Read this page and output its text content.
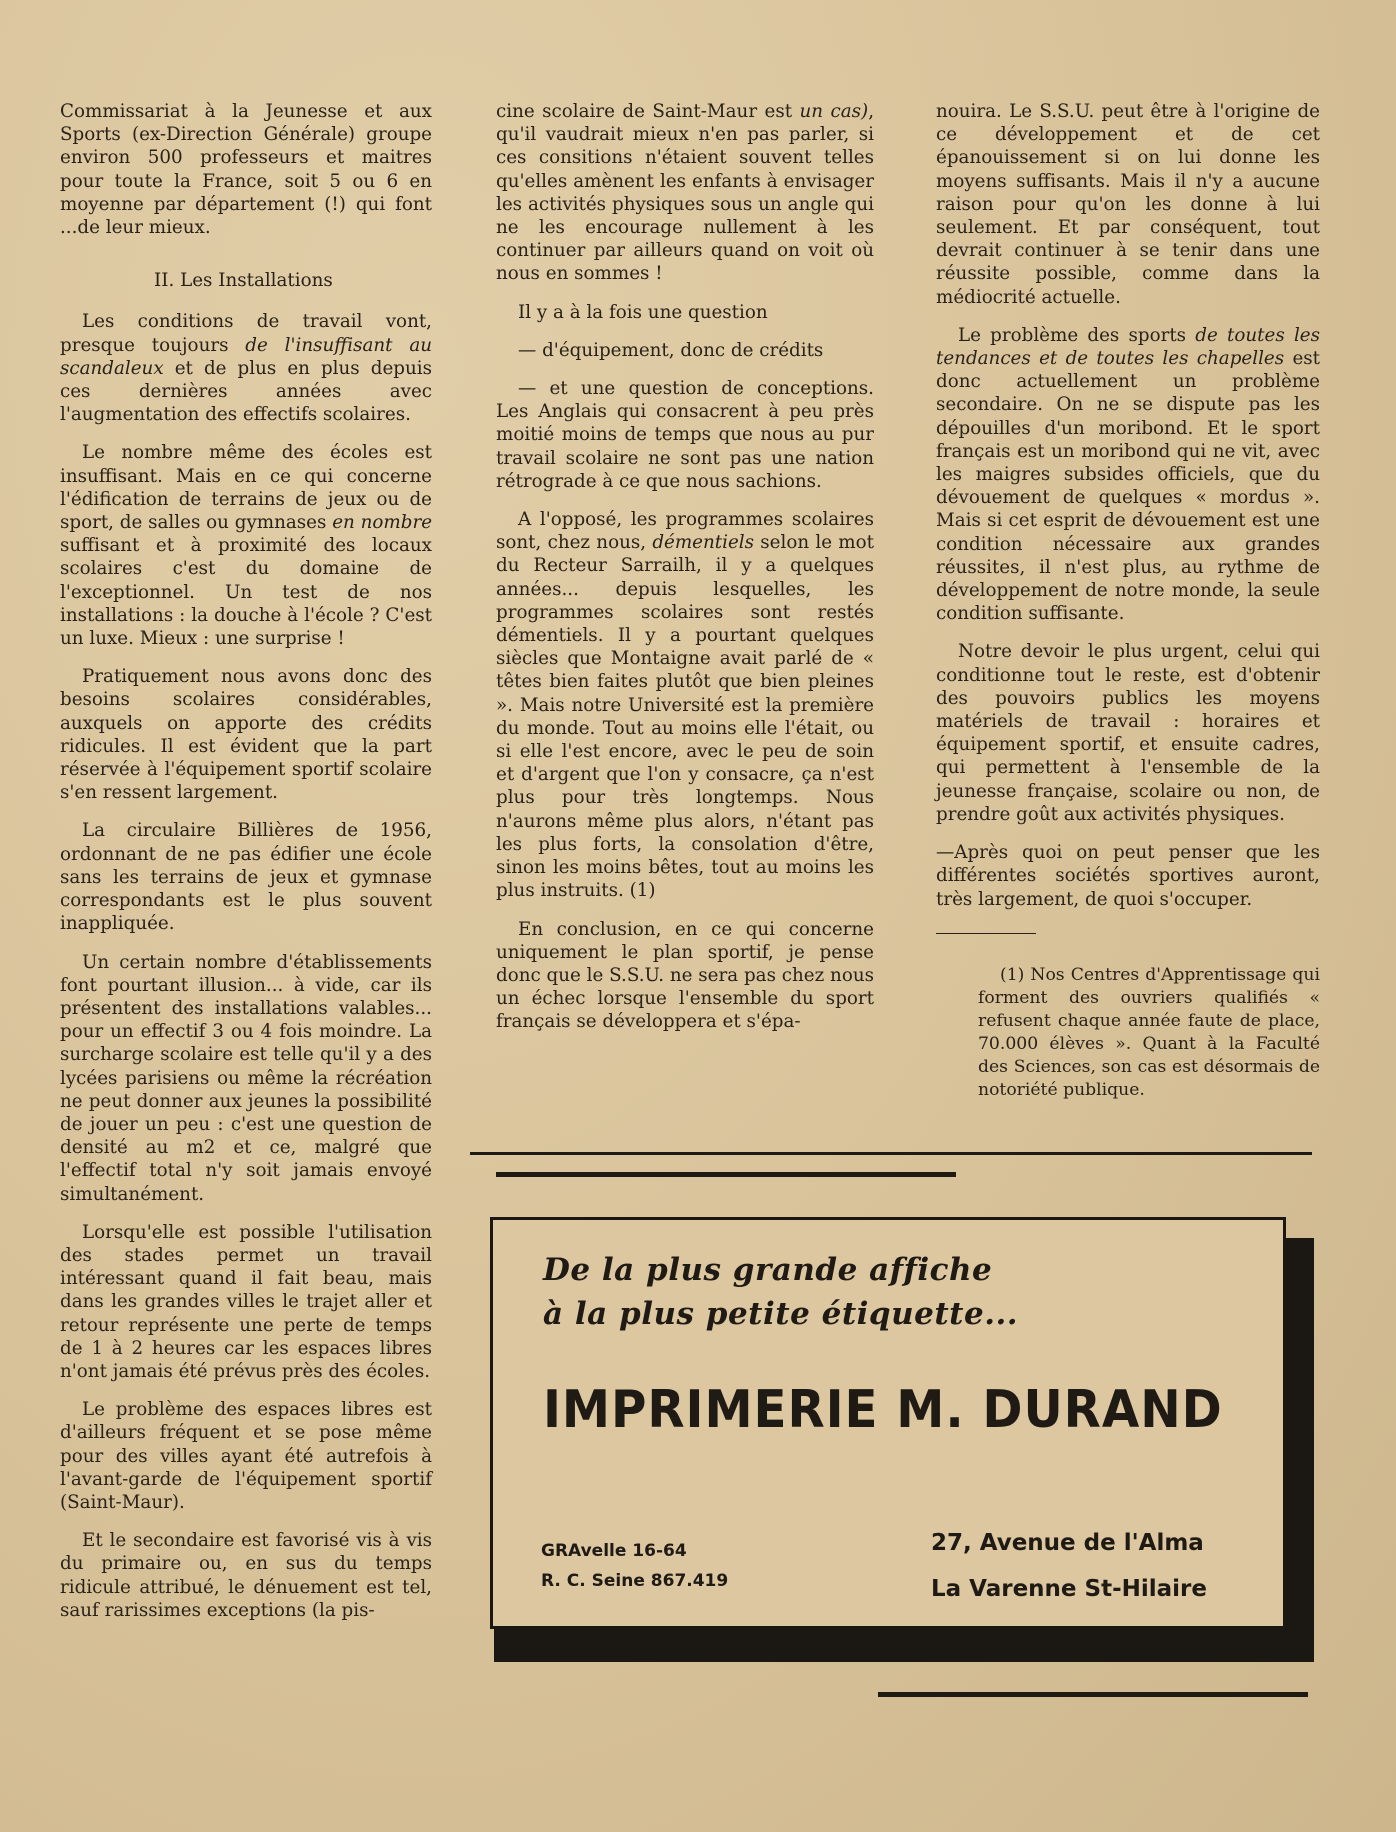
Commissariat à la Jeunesse et aux Sports (ex-Direction Générale) groupe environ 500 professeurs et maitres pour toute la France, soit 5 ou 6 en moyenne par département (!) qui font ...de leur mieux.

II. Les Installations

Les conditions de travail vont, presque toujours de l'insuffisant au scandaleux et de plus en plus depuis ces dernières années avec l'augmentation des effectifs scolaires.

Le nombre même des écoles est insuffisant. Mais en ce qui concerne l'édification de terrains de jeux ou de sport, de salles ou gymnases en nombre suffisant et à proximité des locaux scolaires c'est du domaine de l'exceptionnel. Un test de nos installations : la douche à l'école ? C'est un luxe. Mieux : une surprise !

Pratiquement nous avons donc des besoins scolaires considérables, auxquels on apporte des crédits ridicules. Il est évident que la part réservée à l'équipement sportif scolaire s'en ressent largement.

La circulaire Billières de 1956, ordonnant de ne pas édifier une école sans les terrains de jeux et gymnase correspondants est le plus souvent inappliquée.

Un certain nombre d'établissements font pourtant illusion... à vide, car ils présentent des installations valables... pour un effectif 3 ou 4 fois moindre. La surcharge scolaire est telle qu'il y a des lycées parisiens ou même la récréation ne peut donner aux jeunes la possibilité de jouer un peu : c'est une question de densité au m2 et ce, malgré que l'effectif total n'y soit jamais envoyé simultanément.

Lorsqu'elle est possible l'utilisation des stades permet un travail intéressant quand il fait beau, mais dans les grandes villes le trajet aller et retour représente une perte de temps de 1 à 2 heures car les espaces libres n'ont jamais été prévus près des écoles.

Le problème des espaces libres est d'ailleurs fréquent et se pose même pour des villes ayant été autrefois à l'avant-garde de l'équipement sportif (Saint-Maur).

Et le secondaire est favorisé vis à vis du primaire ou, en sus du temps ridicule attribué, le dénuement est tel, sauf rarissimes exceptions (la pis-

cine scolaire de Saint-Maur est un cas), qu'il vaudrait mieux n'en pas parler, si ces consitions n'étaient souvent telles qu'elles amènent les enfants à envisager les activités physiques sous un angle qui ne les encourage nullement à les continuer par ailleurs quand on voit où nous en sommes !

Il y a à la fois une question

— d'équipement, donc de crédits

— et une question de conceptions. Les Anglais qui consacrent à peu près moitié moins de temps que nous au pur travail scolaire ne sont pas une nation rétrograde à ce que nous sachions.

A l'opposé, les programmes scolaires sont, chez nous, démentiels selon le mot du Recteur Sarrailh, il y a quelques années... depuis lesquelles, les programmes scolaires sont restés démentiels. Il y a pourtant quelques siècles que Montaigne avait parlé de « têtes bien faites plutôt que bien pleines ». Mais notre Université est la première du monde. Tout au moins elle l'était, ou si elle l'est encore, avec le peu de soin et d'argent que l'on y consacre, ça n'est plus pour très longtemps. Nous n'aurons même plus alors, n'étant pas les plus forts, la consolation d'être, sinon les moins bêtes, tout au moins les plus instruits. (1)

En conclusion, en ce qui concerne uniquement le plan sportif, je pense donc que le S.S.U. ne sera pas chez nous un échec lorsque l'ensemble du sport français se développera et s'épa-

nouira. Le S.S.U. peut être à l'origine de ce développement et de cet épanouissement si on lui donne les moyens suffisants. Mais il n'y a aucune raison pour qu'on les donne à lui seulement. Et par conséquent, tout devrait continuer à se tenir dans une réussite possible, comme dans la médiocrité actuelle.

Le problème des sports de toutes les tendances et de toutes les chapelles est donc actuellement un problème secondaire. On ne se dispute pas les dépouilles d'un moribond. Et le sport français est un moribond qui ne vit, avec les maigres subsides officiels, que du dévouement de quelques « mordus ». Mais si cet esprit de dévouement est une condition nécessaire aux grandes réussites, il n'est plus, au rythme de développement de notre monde, la seule condition suffisante.

Notre devoir le plus urgent, celui qui conditionne tout le reste, est d'obtenir des pouvoirs publics les moyens matériels de travail : horaires et équipement sportif, et ensuite cadres, qui permettent à l'ensemble de la jeunesse française, scolaire ou non, de prendre goût aux activités physiques.

—Après quoi on peut penser que les différentes sociétés sportives auront, très largement, de quoi s'occuper.

(1) Nos Centres d'Apprentissage qui forment des ouvriers qualifiés « refusent chaque année faute de place, 70.000 élèves ». Quant à la Faculté des Sciences, son cas est désormais de notoriété publique.

De la plus grande affiche
à la plus petite étiquette...
IMPRIMERIE M. DURAND
GRAvelle 16-64
R. C. Seine 867.419
27, Avenue de l'Alma
La Varenne St-Hilaire
